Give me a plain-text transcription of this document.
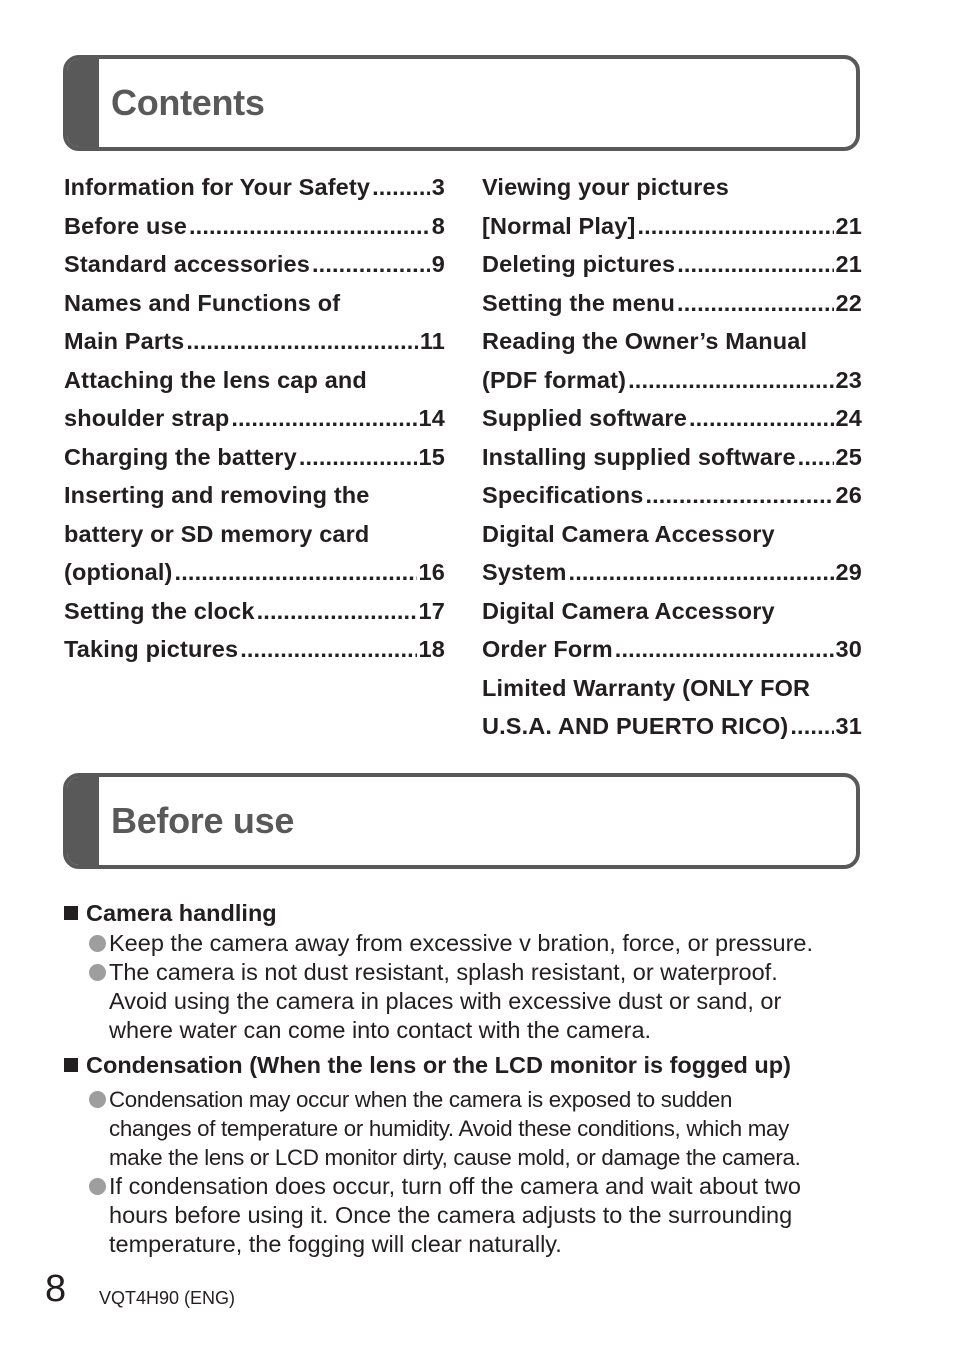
Contents
Information for Your Safety .....	3
Before use .....	8
Standard accessories .....	9
Names and Functions of
Main Parts .....	11
Attaching the lens cap and
shoulder strap .....	14
Charging the battery .....	15
Inserting and removing the
battery or SD memory card
(optional) .....	16
Setting the clock .....	17
Taking pictures .....	18
Viewing your pictures
[Normal Play] .....	21
Deleting pictures .....	21
Setting the menu .....	22
Reading the Owner’s Manual
(PDF format) .....	23
Supplied software .....	24
Installing supplied software ..... 25
Specifications .....	26
Digital Camera Accessory
System .....	29
Digital Camera Accessory
Order Form .....	30
Limited Warranty (ONLY FOR
U.S.A. AND PUERTO RICO) ..... 31
Before use
Camera handling
Keep the camera away from excessive v bration, force, or pressure.
The camera is not dust resistant, splash resistant, or waterproof.
Avoid using the camera in places with excessive dust or sand, or
where water can come into contact with the camera.
Condensation (When the lens or the LCD monitor is fogged up)
Condensation may occur when the camera is exposed to sudden
changes of temperature or humidity. Avoid these conditions, which may
make the lens or LCD monitor dirty, cause mold, or damage the camera.
If condensation does occur, turn off the camera and wait about two
hours before using it. Once the camera adjusts to the surrounding
temperature, the fogging will clear naturally.
8 VQT4H90 (ENG)
